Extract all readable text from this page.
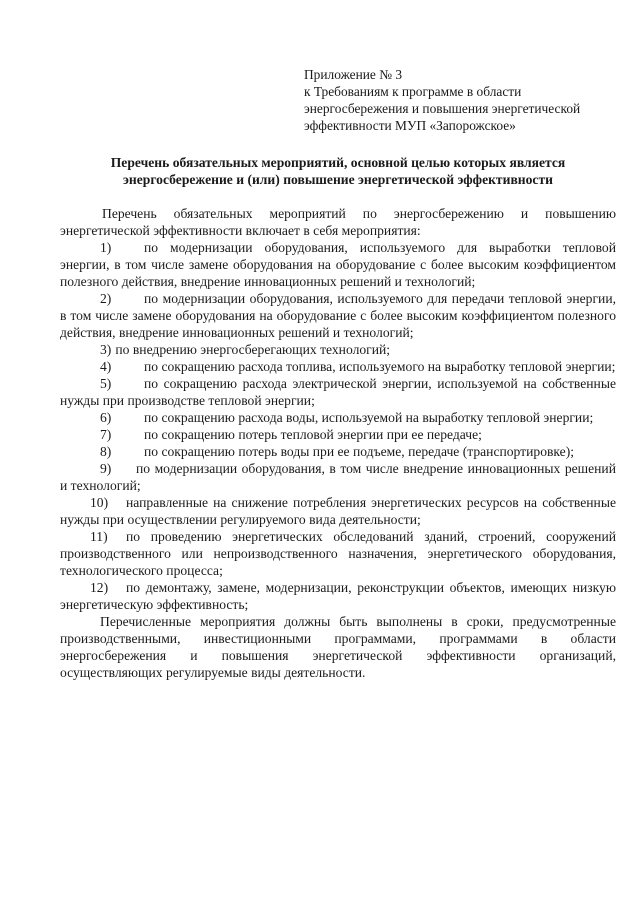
Приложение № 3
к Требованиям к программе в области
энергосбережения и повышения энергетической
эффективности МУП «Запорожское»
Перечень обязательных мероприятий, основной целью которых является
энергосбережение и (или) повышение энергетической эффективности

Перечень обязательных мероприятий по энергосбережению и повышению энергетической эффективности включает в себя мероприятия:

1) по модернизации оборудования, используемого для выработки тепловой энергии, в том числе замене оборудования на оборудование с более высоким коэффициентом полезного действия, внедрение инновационных решений и технологий;

2) по модернизации оборудования, используемого для передачи тепловой энергии, в том числе замене оборудования на оборудование с более высоким коэффициентом полезного действия, внедрение инновационных решений и технологий;

3) по внедрению энергосберегающих технологий;

4) по сокращению расхода топлива, используемого на выработку тепловой энергии;

5) по сокращению расхода электрической энергии, используемой на собственные нужды при производстве тепловой энергии;

6) по сокращению расхода воды, используемой на выработку тепловой энергии;

7) по сокращению потерь тепловой энергии при ее передаче;

8) по сокращению потерь воды при ее подъеме, передаче (транспортировке);

9) по модернизации оборудования, в том числе внедрение инновационных решений и технологий;

10) направленные на снижение потребления энергетических ресурсов на собственные нужды при осуществлении регулируемого вида деятельности;

11) по проведению энергетических обследований зданий, строений, сооружений производственного или непроизводственного назначения, энергетического оборудования, технологического процесса;

12) по демонтажу, замене, модернизации, реконструкции объектов, имеющих низкую энергетическую эффективность;

Перечисленные мероприятия должны быть выполнены в сроки, предусмотренные производственными, инвестиционными программами, программами в области энергосбережения и повышения энергетической эффективности организаций, осуществляющих регулируемые виды деятельности.
